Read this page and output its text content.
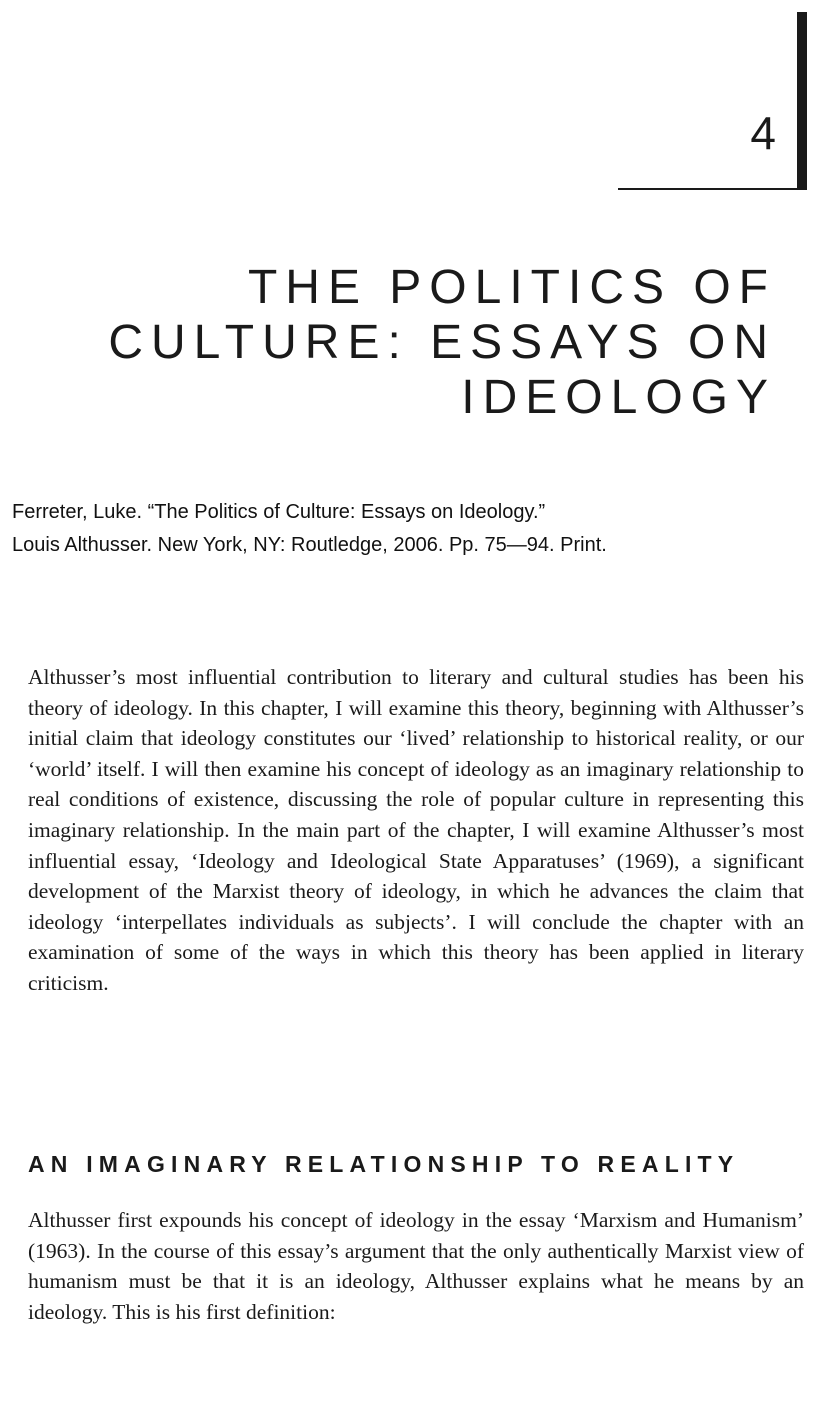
4
THE POLITICS OF CULTURE: ESSAYS ON IDEOLOGY
Ferreter, Luke. “The Politics of Culture: Essays on Ideology.”
Louis Althusser. New York, NY: Routledge, 2006. Pp. 75—94. Print.

Althusser’s most influential contribution to literary and cultural studies has been his theory of ideology. In this chapter, I will examine this theory, beginning with Althusser’s initial claim that ideology constitutes our ‘lived’ relationship to historical reality, or our ‘world’ itself. I will then examine his concept of ideology as an imaginary relationship to real conditions of existence, discussing the role of popular culture in representing this imaginary relationship. In the main part of the chapter, I will examine Althusser’s most influential essay, ‘Ideology and Ideological State Apparatuses’ (1969), a significant development of the Marxist theory of ideology, in which he advances the claim that ideology ‘interpellates individuals as subjects’. I will conclude the chapter with an examination of some of the ways in which this theory has been applied in literary criticism.

AN IMAGINARY RELATIONSHIP TO REALITY

Althusser first expounds his concept of ideology in the essay ‘Marxism and Humanism’ (1963). In the course of this essay’s argument that the only authentically Marxist view of humanism must be that it is an ideology, Althusser explains what he means by an ideology. This is his first definition:
